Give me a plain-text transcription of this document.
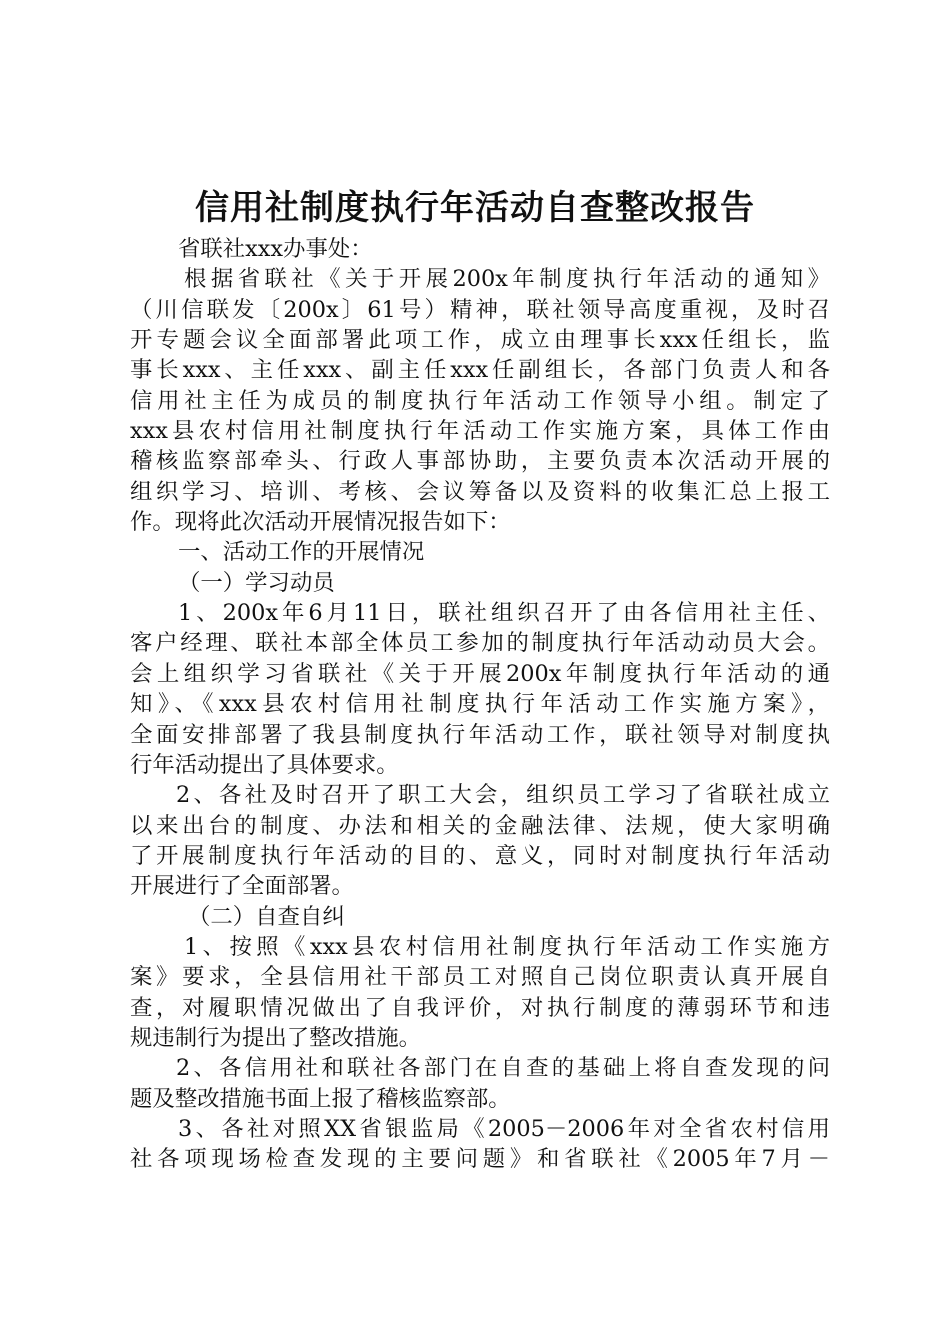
信用社制度执行年活动自查整改报告
省联社xxx办事处：
根据省联社《关于开展200x年制度执行年活动的通知》
（川信联发〔200x〕61号）精神，联社领导高度重视，及时召
开专题会议全面部署此项工作，成立由理事长xxx任组长，监
事长xxx、主任xxx、副主任xxx任副组长，各部门负责人和各
信用社主任为成员的制度执行年活动工作领导小组。制定了
xxx县农村信用社制度执行年活动工作实施方案，具体工作由
稽核监察部牵头、行政人事部协助，主要负责本次活动开展的
组织学习、培训、考核、会议筹备以及资料的收集汇总上报工
作。现将此次活动开展情况报告如下：
一、活动工作的开展情况
（一）学习动员
1、200x年6月11日，联社组织召开了由各信用社主任、
客户经理、联社本部全体员工参加的制度执行年活动动员大会。
会上组织学习省联社《关于开展200x年制度执行年活动的通
知》、《xxx县农村信用社制度执行年活动工作实施方案》，
全面安排部署了我县制度执行年活动工作，联社领导对制度执
行年活动提出了具体要求。
2、各社及时召开了职工大会，组织员工学习了省联社成立
以来出台的制度、办法和相关的金融法律、法规，使大家明确
了开展制度执行年活动的目的、意义，同时对制度执行年活动
开展进行了全面部署。
（二）自查自纠
1、按照《xxx县农村信用社制度执行年活动工作实施方
案》要求，全县信用社干部员工对照自己岗位职责认真开展自
查，对履职情况做出了自我评价，对执行制度的薄弱环节和违
规违制行为提出了整改措施。
2、各信用社和联社各部门在自查的基础上将自查发现的问
题及整改措施书面上报了稽核监察部。
3、各社对照XX省银监局《2005－2006年对全省农村信用
社各项现场检查发现的主要问题》和省联社《2005年7月－
